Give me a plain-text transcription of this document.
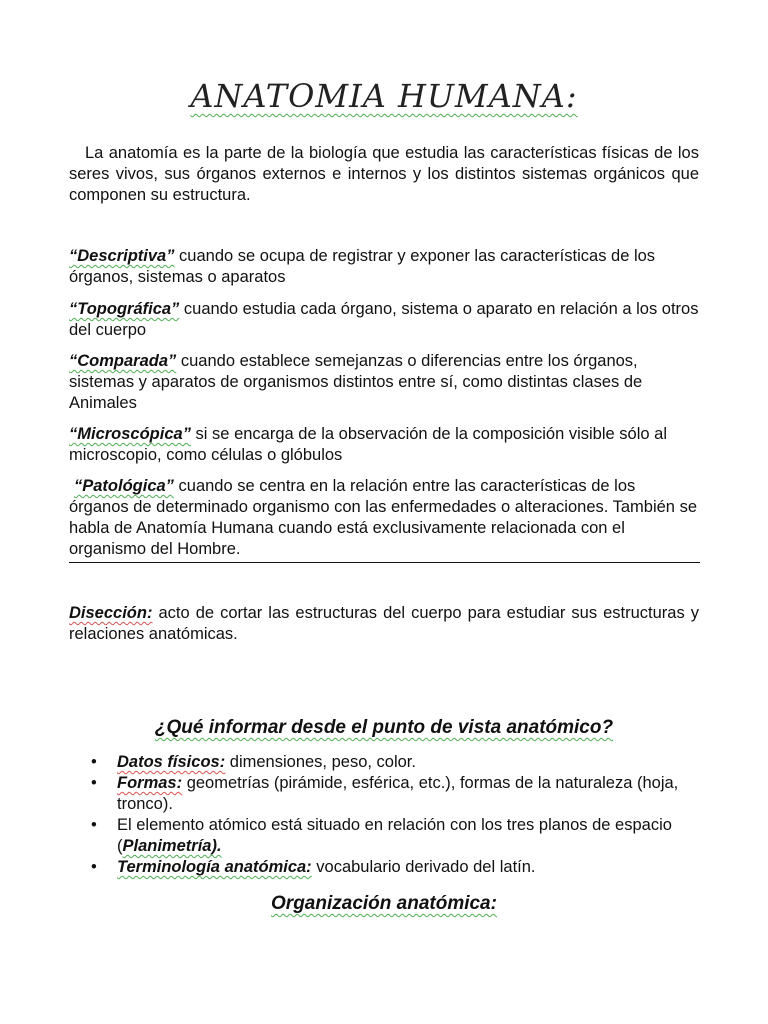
ANATOMIA HUMANA:
La anatomía es la parte de la biología que estudia las características físicas de los seres vivos, sus órganos externos e internos y los distintos sistemas orgánicos que componen su estructura.
“Descriptiva” cuando se ocupa de registrar y exponer las características de los órganos, sistemas o aparatos
“Topográfica” cuando estudia cada órgano, sistema o aparato en relación a los otros del cuerpo
“Comparada” cuando establece semejanzas o diferencias entre los órganos, sistemas y aparatos de organismos distintos entre sí, como distintas clases de Animales
“Microscópica” si se encarga de la observación de la composición visible sólo al microscopio, como células o glóbulos
“Patológica” cuando se centra en la relación entre las características de los órganos de determinado organismo con las enfermedades o alteraciones. También se habla de Anatomía Humana cuando está exclusivamente relacionada con el organismo del Hombre.
Disección: acto de cortar las estructuras del cuerpo para estudiar sus estructuras y relaciones anatómicas.
¿Qué informar desde el punto de vista anatómico?
• Datos físicos: dimensiones, peso, color.
• Formas: geometrías (pirámide, esférica, etc.), formas de la naturaleza (hoja, tronco).
• El elemento atómico está situado en relación con los tres planos de espacio (Planimetría).
• Terminología anatómica: vocabulario derivado del latín.
Organización anatómica:
